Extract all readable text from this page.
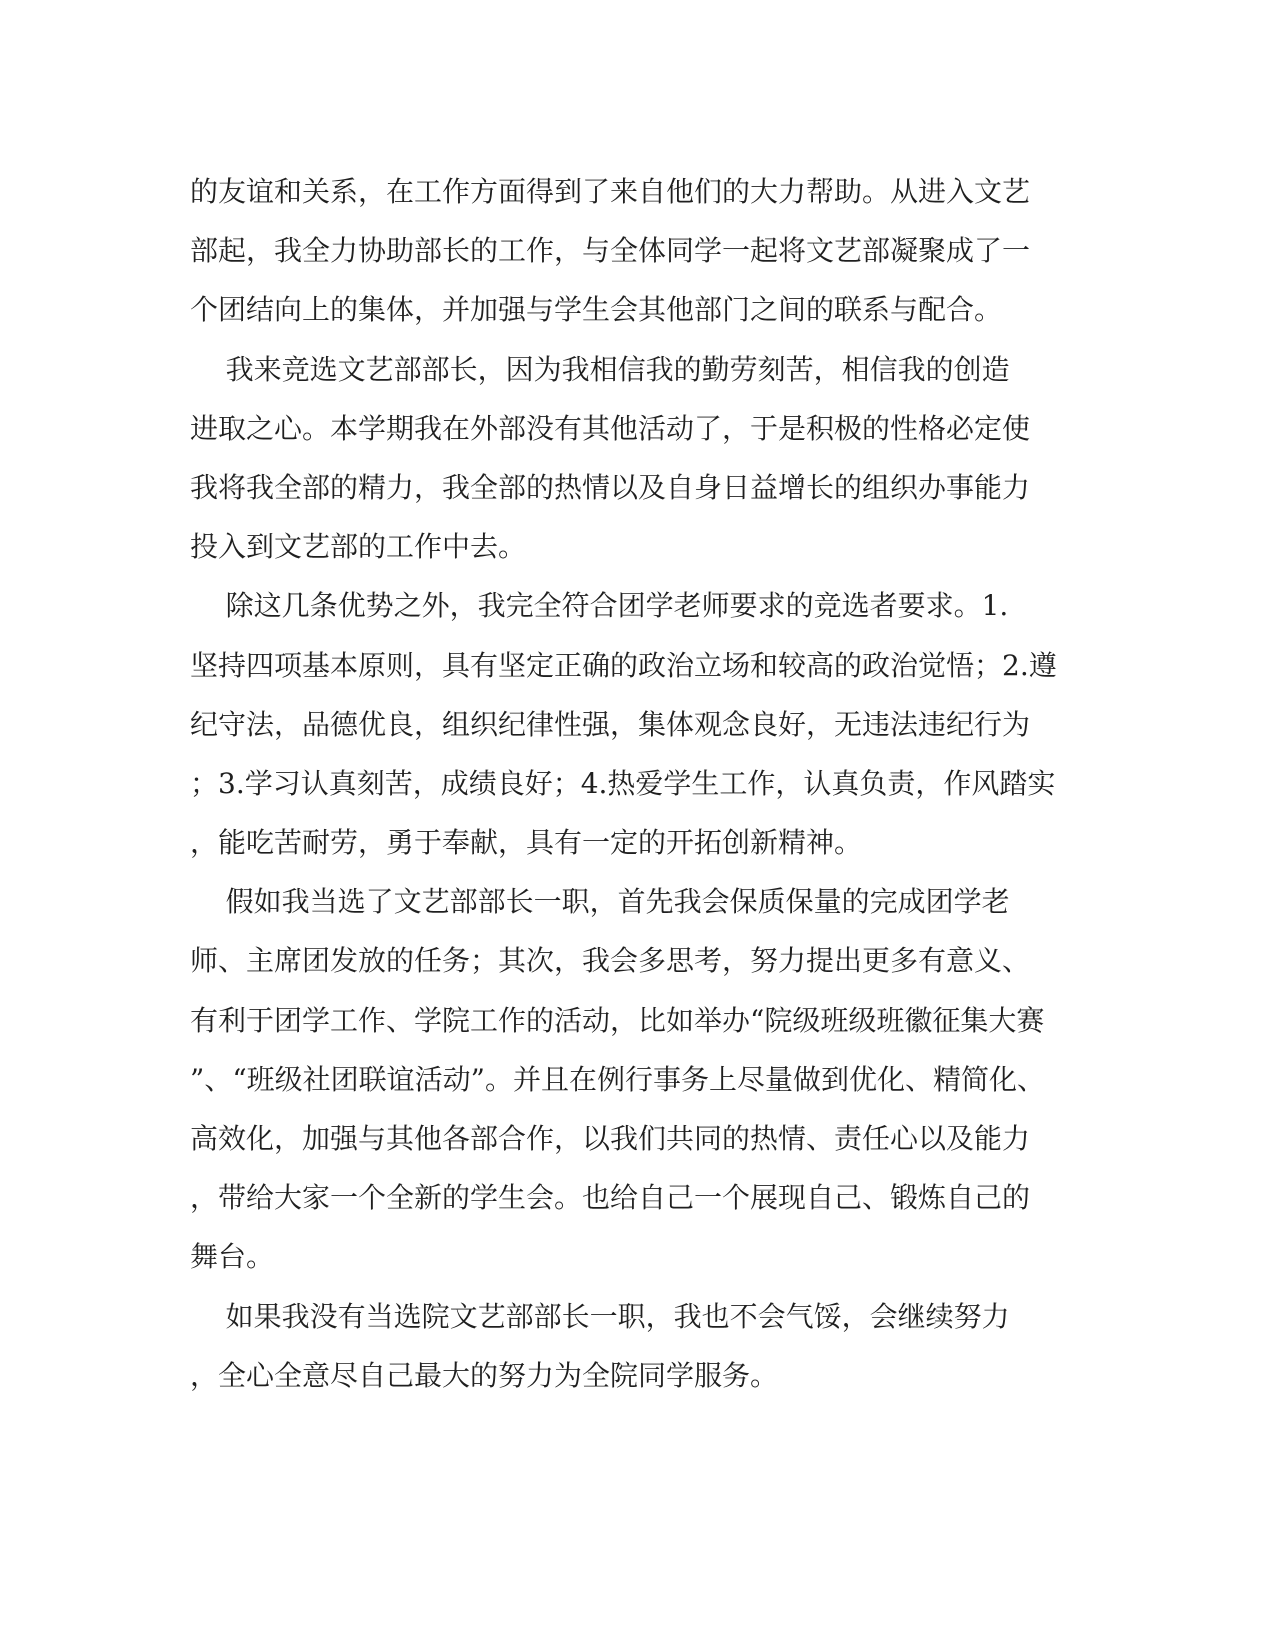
的友谊和关系，在工作方面得到了来自他们的大力帮助。从进入文艺
部起，我全力协助部长的工作，与全体同学一起将文艺部凝聚成了一
个团结向上的集体，并加强与学生会其他部门之间的联系与配合。
我来竞选文艺部部长，因为我相信我的勤劳刻苦，相信我的创造
进取之心。本学期我在外部没有其他活动了，于是积极的性格必定使
我将我全部的精力，我全部的热情以及自身日益增长的组织办事能力
投入到文艺部的工作中去。
除这几条优势之外，我完全符合团学老师要求的竞选者要求。1.
坚持四项基本原则，具有坚定正确的政治立场和较高的政治觉悟；2.遵
纪守法，品德优良，组织纪律性强，集体观念良好，无违法违纪行为
；3.学习认真刻苦，成绩良好；4.热爱学生工作，认真负责，作风踏实
，能吃苦耐劳，勇于奉献，具有一定的开拓创新精神。
假如我当选了文艺部部长一职，首先我会保质保量的完成团学老
师、主席团发放的任务；其次，我会多思考，努力提出更多有意义、
有利于团学工作、学院工作的活动，比如举办“院级班级班徽征集大赛
”、“班级社团联谊活动”。并且在例行事务上尽量做到优化、精简化、
高效化，加强与其他各部合作，以我们共同的热情、责任心以及能力
，带给大家一个全新的学生会。也给自己一个展现自己、锻炼自己的
舞台。
如果我没有当选院文艺部部长一职，我也不会气馁，会继续努力
，全心全意尽自己最大的努力为全院同学服务。
